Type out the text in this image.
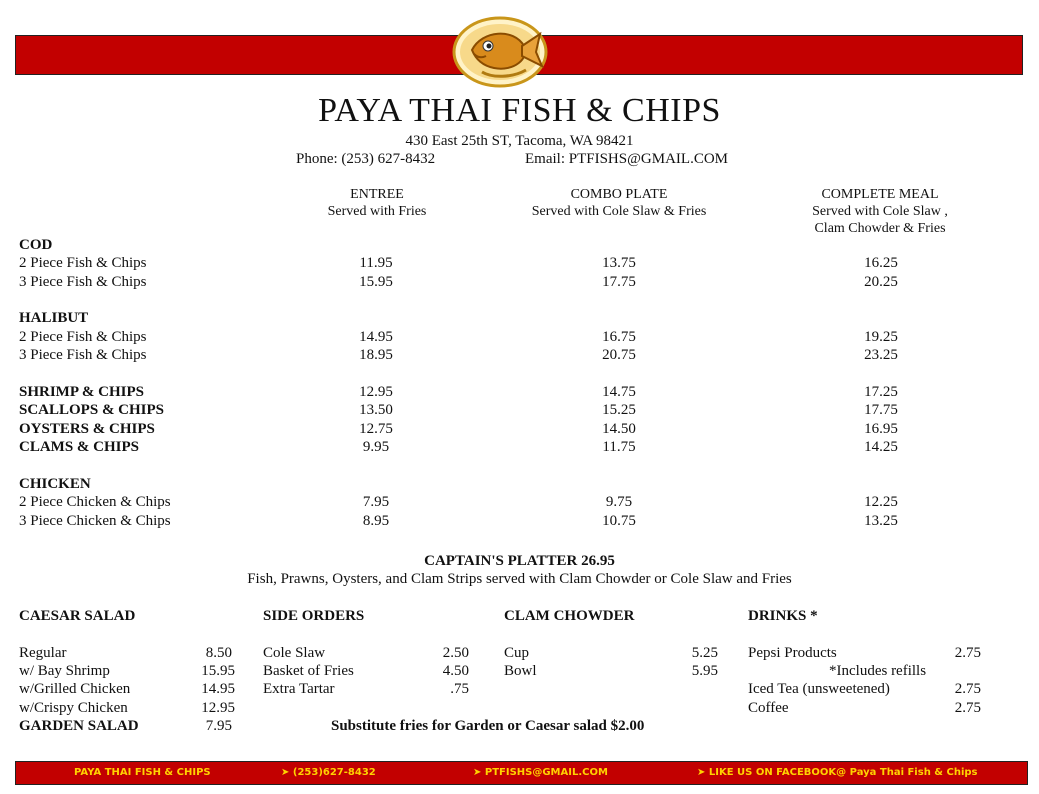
PAYA THAI FISH & CHIPS
430 East 25th ST, Tacoma, WA 98421
Phone: (253) 627-8432	Email: PTFISHS@GMAIL.COM
ENTREE
Served with Fries
COMBO PLATE
Served with Cole Slaw & Fries
COMPLETE MEAL
Served with Cole Slaw ,
Clam Chowder & Fries
COD
2 Piece Fish & Chips	11.95	13.75	16.25
3 Piece Fish & Chips	15.95	17.75	20.25
HALIBUT
2 Piece Fish & Chips	14.95	16.75	19.25
3 Piece Fish & Chips	18.95	20.75	23.25
SHRIMP & CHIPS	12.95	14.75	17.25
SCALLOPS & CHIPS	13.50	15.25	17.75
OYSTERS & CHIPS	12.75	14.50	16.95
CLAMS & CHIPS	9.95	11.75	14.25
CHICKEN
2 Piece Chicken & Chips	7.95	9.75	12.25
3 Piece Chicken & Chips	8.95	10.75	13.25
CAPTAIN'S PLATTER 26.95
Fish, Prawns, Oysters, and Clam Strips served with Clam Chowder or Cole Slaw and Fries
CAESAR SALAD
Regular	8.50
w/ Bay Shrimp	15.95
w/Grilled Chicken	14.95
w/Crispy Chicken	12.95
GARDEN SALAD	7.95
SIDE ORDERS
Cole Slaw	2.50
Basket of Fries	4.50
Extra Tartar	.75
CLAM CHOWDER
Cup	5.25
Bowl	5.95
DRINKS *
Pepsi Products	2.75
*Includes refills
Iced Tea (unsweetened)	2.75
Coffee	2.75
Substitute fries for Garden or Caesar salad $2.00
PAYA THAI FISH & CHIPS	➤ (253)627-8432	➤ PTFISHS@GMAIL.COM	➤ LIKE US ON FACEBOOK@ Paya Thai Fish & Chips
